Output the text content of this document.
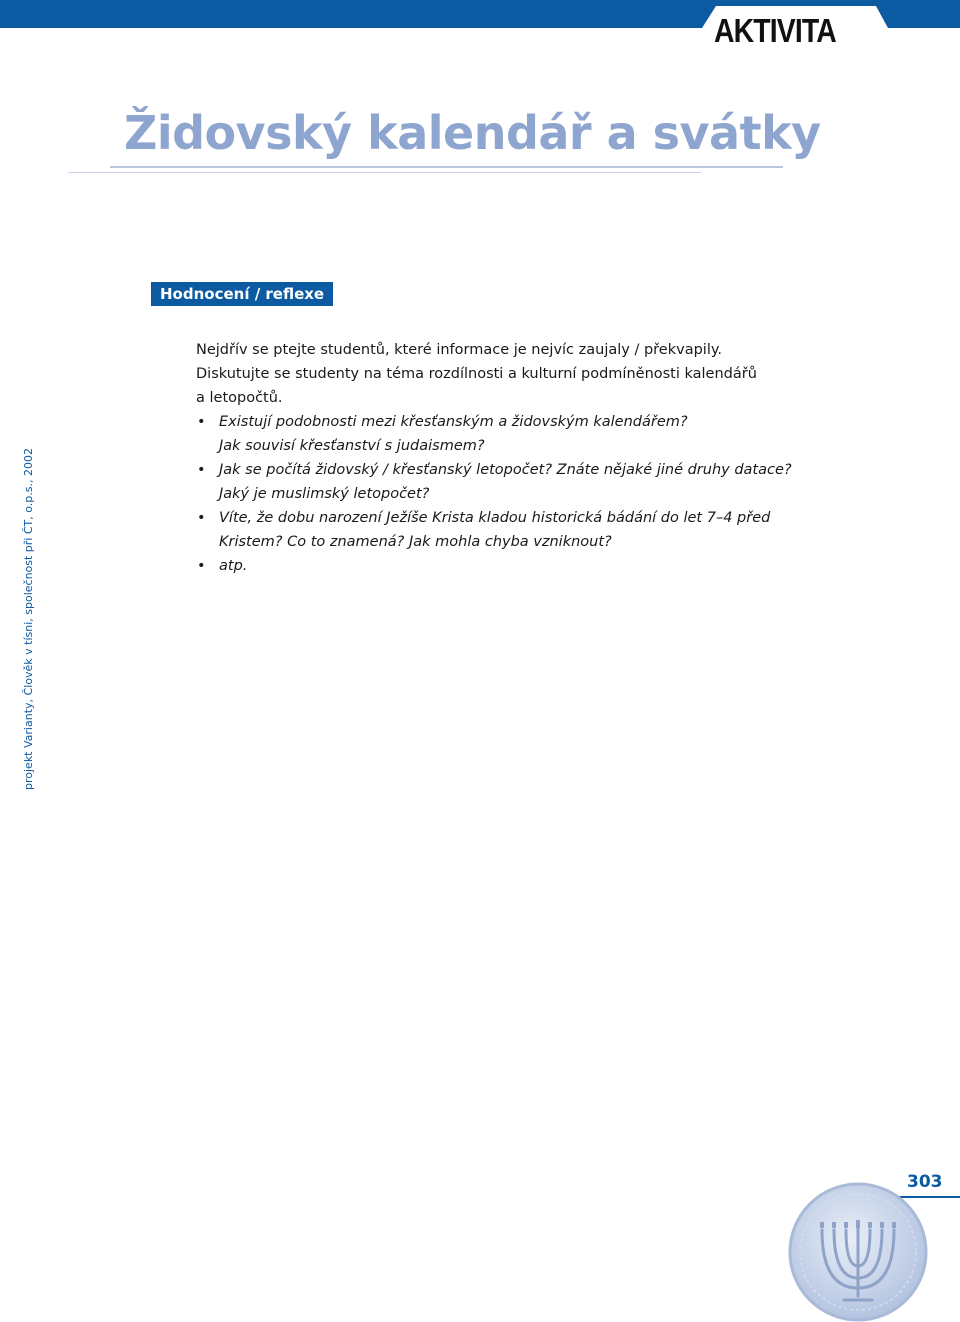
AKTIVITA
Židovský kalendář a svátky
Hodnocení / reflexe
projekt Varianty, Člověk v tísni, společnost při ČT, o.p.s., 2002

Nejdřív se ptejte studentů, které informace je nejvíc zaujaly / překvapily.
Diskutujte se studenty na téma rozdílnosti a kulturní podmíněnosti kalendářů
a letopočtů.

• Existují podobnosti mezi křesťanským a židovským kalendářem?
Jak souvisí křesťanství s judaismem?
• Jak se počítá židovský / křesťanský letopočet? Znáte nějaké jiné druhy datace?
Jaký je muslimský letopočet?
• Víte, že dobu narození Ježíše Krista kladou historická bádání do let 7–4 před
Kristem? Co to znamená? Jak mohla chyba vzniknout?
• atp.
303
